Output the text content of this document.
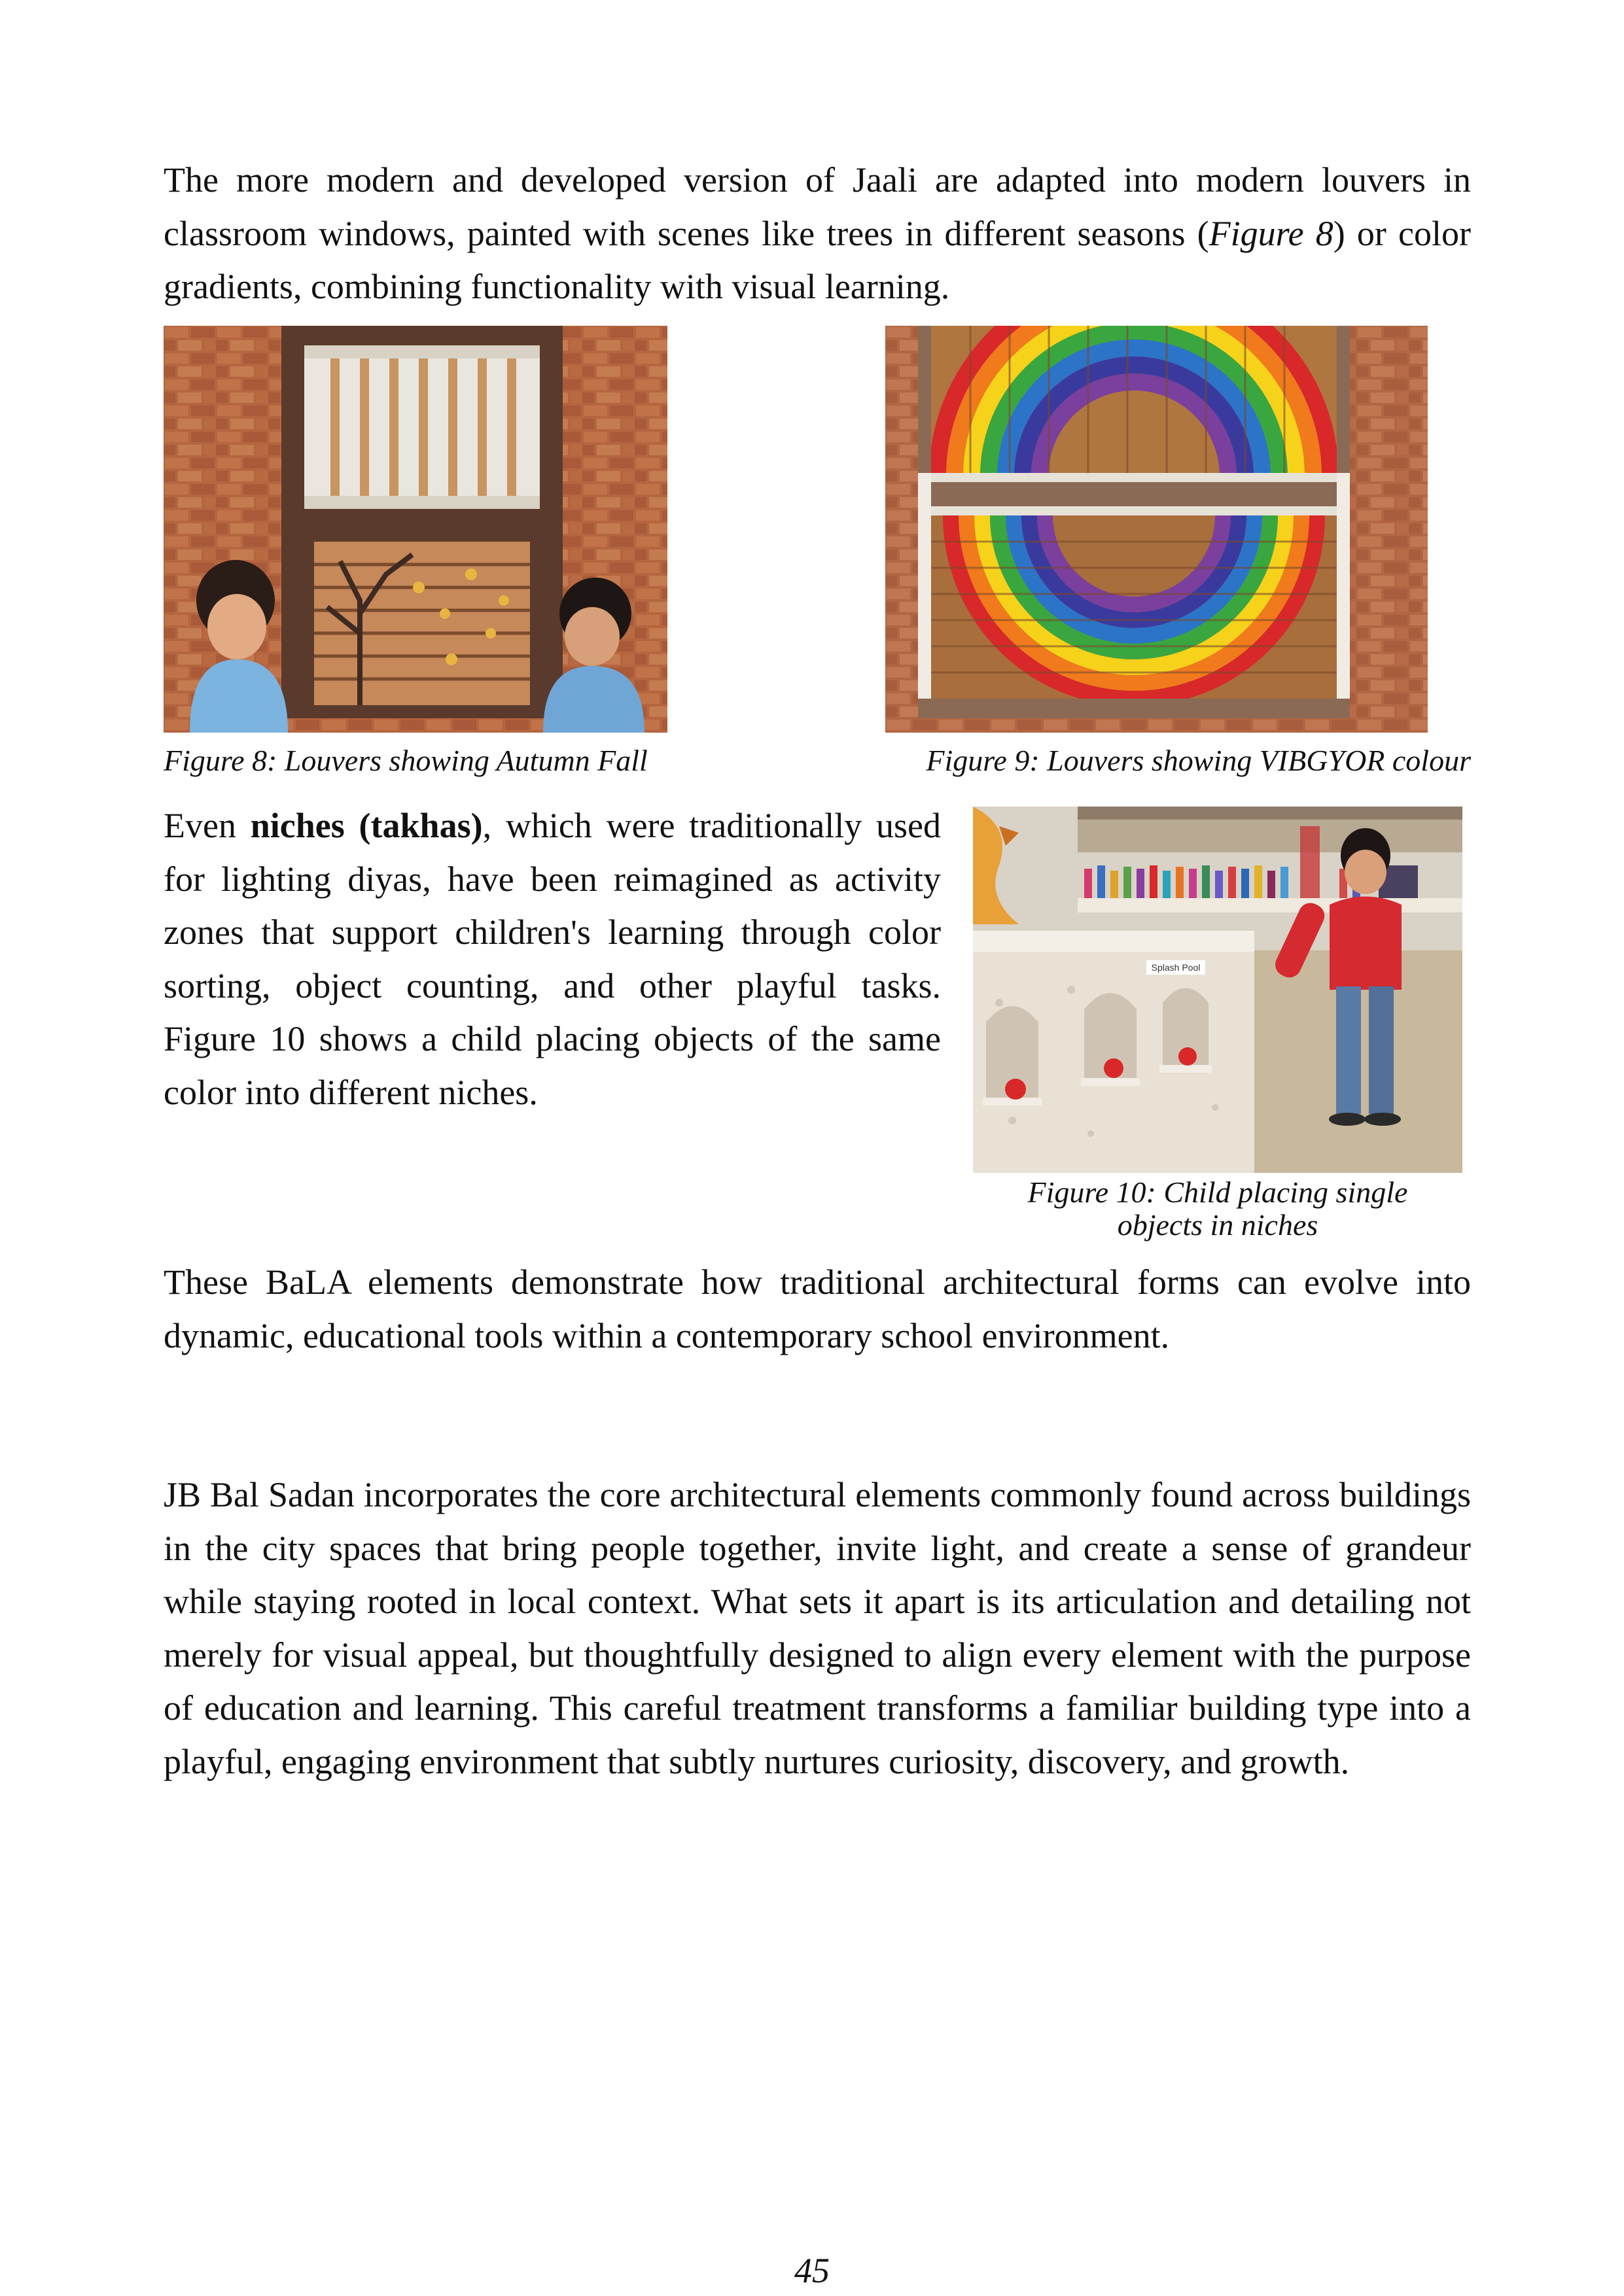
The more modern and developed version of Jaali are adapted into modern louvers in classroom windows, painted with scenes like trees in different seasons (Figure 8) or color gradients, combining functionality with visual learning.

Figure 8: Louvers showing Autumn Fall	Figure 9: Louvers showing VIBGYOR colour

Even niches (takhas), which were traditionally used for lighting diyas, have been reimagined as activity zones that support children's learning through color sorting, object counting, and other playful tasks. Figure 10 shows a child placing objects of the same color into different niches.

Splash Pool

Figure 10: Child placing single
objects in niches

These BaLA elements demonstrate how traditional architectural forms can evolve into dynamic, educational tools within a contemporary school environment.

JB Bal Sadan incorporates the core architectural elements commonly found across buildings in the city spaces that bring people together, invite light, and create a sense of grandeur while staying rooted in local context. What sets it apart is its articulation and detailing not merely for visual appeal, but thoughtfully designed to align every element with the purpose of education and learning. This careful treatment transforms a familiar building type into a playful, engaging environment that subtly nurtures curiosity, discovery, and growth.

45
